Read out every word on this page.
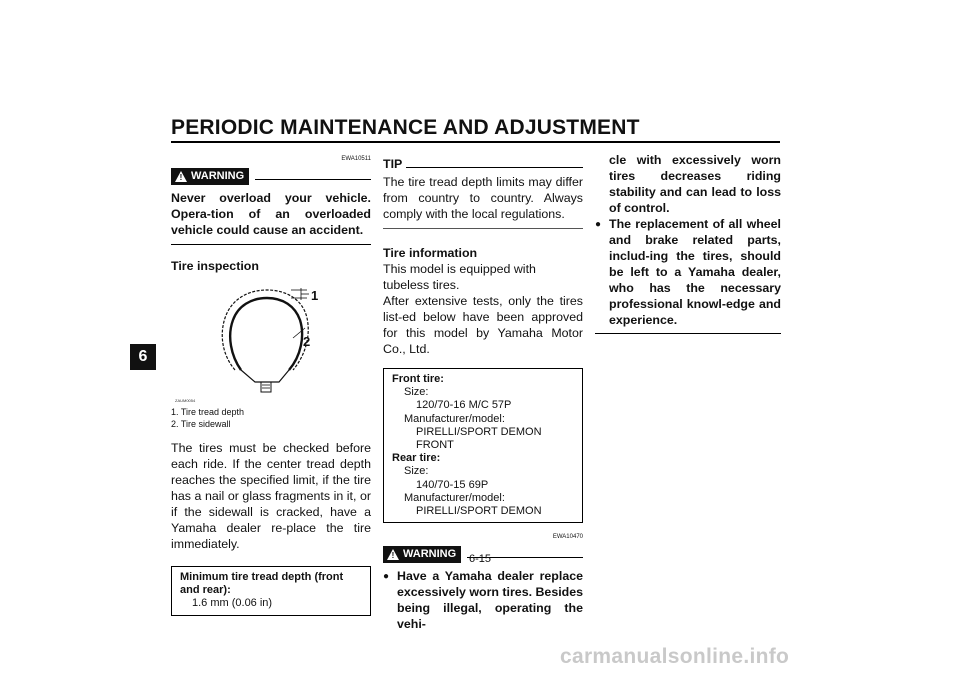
PERIODIC MAINTENANCE AND ADJUSTMENT
6
EWA10511
! WARNING
Never overload your vehicle. Opera-tion of an overloaded vehicle could cause an accident.
Tire inspection
ZAUM0054
1
2
1. Tire tread depth
2. Tire sidewall
The tires must be checked before each ride. If the center tread depth reaches the specified limit, if the tire has a nail or glass fragments in it, or if the sidewall is cracked, have a Yamaha dealer re-place the tire immediately.
Minimum tire tread depth (front and rear):
1.6 mm (0.06 in)
TIP
The tire tread depth limits may differ from country to country. Always comply with the local regulations.
Tire information
This model is equipped with tubeless tires.
After extensive tests, only the tires list-ed below have been approved for this model by Yamaha Motor Co., Ltd.
Front tire:
Size:
120/70-16 M/C 57P
Manufacturer/model:
PIRELLI/SPORT DEMON FRONT
Rear tire:
Size:
140/70-15 69P
Manufacturer/model:
PIRELLI/SPORT DEMON
EWA10470
! WARNING
● Have a Yamaha dealer replace excessively worn tires. Besides being illegal, operating the vehi-
cle with excessively worn tires decreases riding stability and can lead to loss of control.
● The replacement of all wheel and brake related parts, includ-ing the tires, should be left to a Yamaha dealer, who has the necessary professional knowl-edge and experience.
6-15
carmanualsonline.info
